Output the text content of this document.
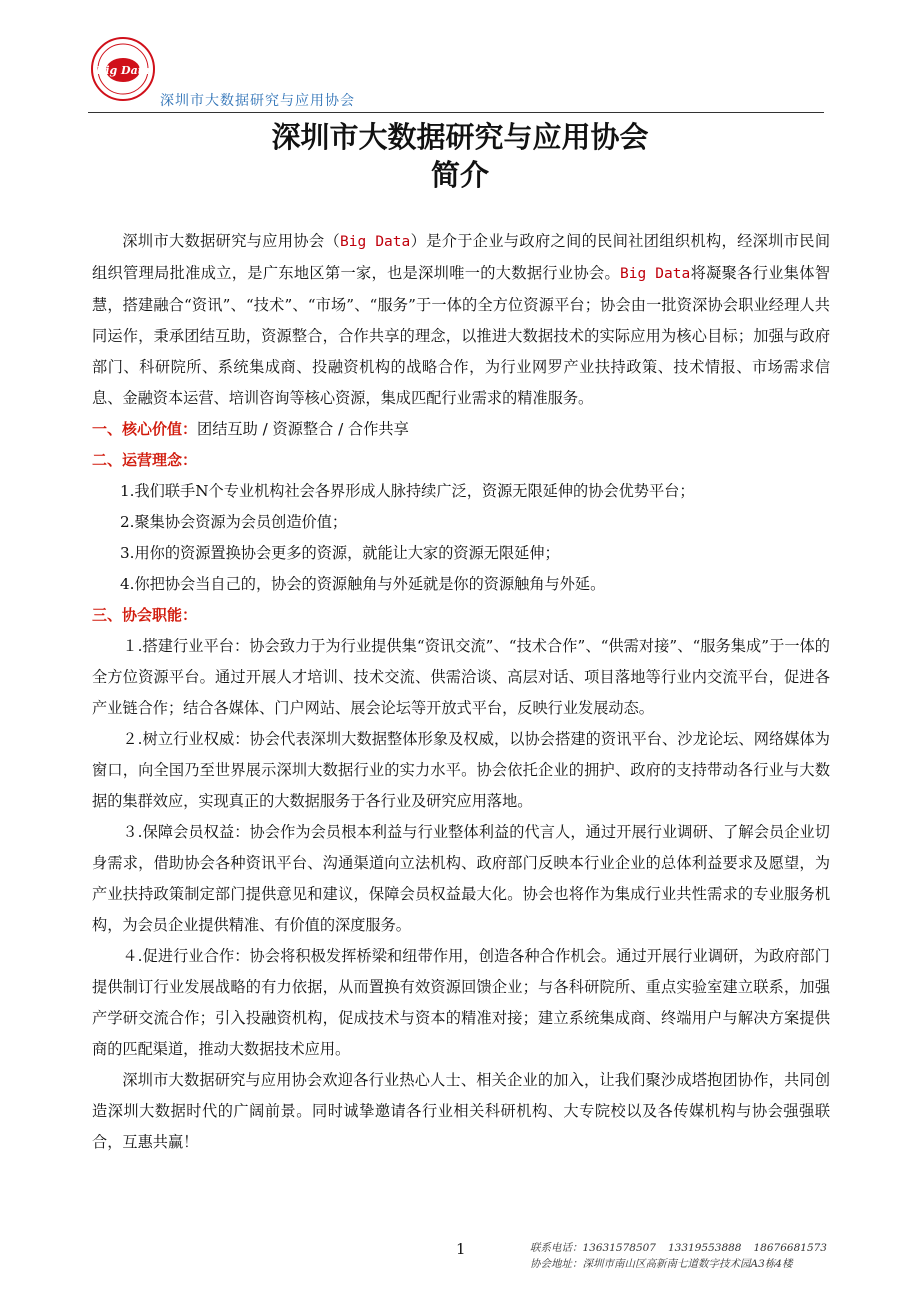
Big Data
深圳市大数据研究与应用协会
深圳市大数据研究与应用协会
简介

深圳市大数据研究与应用协会（Big Data）是介于企业与政府之间的民间社团组织机构，经深圳市民间组织管理局批准成立，是广东地区第一家，也是深圳唯一的大数据行业协会。Big Data将凝聚各行业集体智慧，搭建融合“资讯”、“技术”、“市场”、“服务”于一体的全方位资源平台；协会由一批资深协会职业经理人共同运作，秉承团结互助，资源整合，合作共享的理念，以推进大数据技术的实际应用为核心目标；加强与政府部门、科研院所、系统集成商、投融资机构的战略合作，为行业网罗产业扶持政策、技术情报、市场需求信息、金融资本运营、培训咨询等核心资源，集成匹配行业需求的精准服务。

一、核心价值：团结互助 / 资源整合 / 合作共享

二、运营理念：

1.我们联手N个专业机构社会各界形成人脉持续广泛，资源无限延伸的协会优势平台；

2.聚集协会资源为会员创造价值；

3.用你的资源置换协会更多的资源，就能让大家的资源无限延伸；

4.你把协会当自己的，协会的资源触角与外延就是你的资源触角与外延。

三、协会职能：

１.搭建行业平台：协会致力于为行业提供集“资讯交流”、“技术合作”、“供需对接”、“服务集成”于一体的全方位资源平台。通过开展人才培训、技术交流、供需洽谈、高层对话、项目落地等行业内交流平台，促进各产业链合作；结合各媒体、门户网站、展会论坛等开放式平台，反映行业发展动态。

２.树立行业权威：协会代表深圳大数据整体形象及权威，以协会搭建的资讯平台、沙龙论坛、网络媒体为窗口，向全国乃至世界展示深圳大数据行业的实力水平。协会依托企业的拥护、政府的支持带动各行业与大数据的集群效应，实现真正的大数据服务于各行业及研究应用落地。

３.保障会员权益：协会作为会员根本利益与行业整体利益的代言人，通过开展行业调研、了解会员企业切身需求，借助协会各种资讯平台、沟通渠道向立法机构、政府部门反映本行业企业的总体利益要求及愿望，为产业扶持政策制定部门提供意见和建议，保障会员权益最大化。协会也将作为集成行业共性需求的专业服务机构，为会员企业提供精准、有价值的深度服务。

４.促进行业合作：协会将积极发挥桥梁和纽带作用，创造各种合作机会。通过开展行业调研，为政府部门提供制订行业发展战略的有力依据，从而置换有效资源回馈企业；与各科研院所、重点实验室建立联系，加强产学研交流合作；引入投融资机构，促成技术与资本的精准对接；建立系统集成商、终端用户与解决方案提供商的匹配渠道，推动大数据技术应用。

深圳市大数据研究与应用协会欢迎各行业热心人士、相关企业的加入，让我们聚沙成塔抱团协作，共同创造深圳大数据时代的广阔前景。同时诚挚邀请各行业相关科研机构、大专院校以及各传媒机构与协会强强联合，互惠共赢！

1	联系电话：13631578507 13319553888 18676681573
协会地址：深圳市南山区高新南七道数字技术园A3栋4楼
